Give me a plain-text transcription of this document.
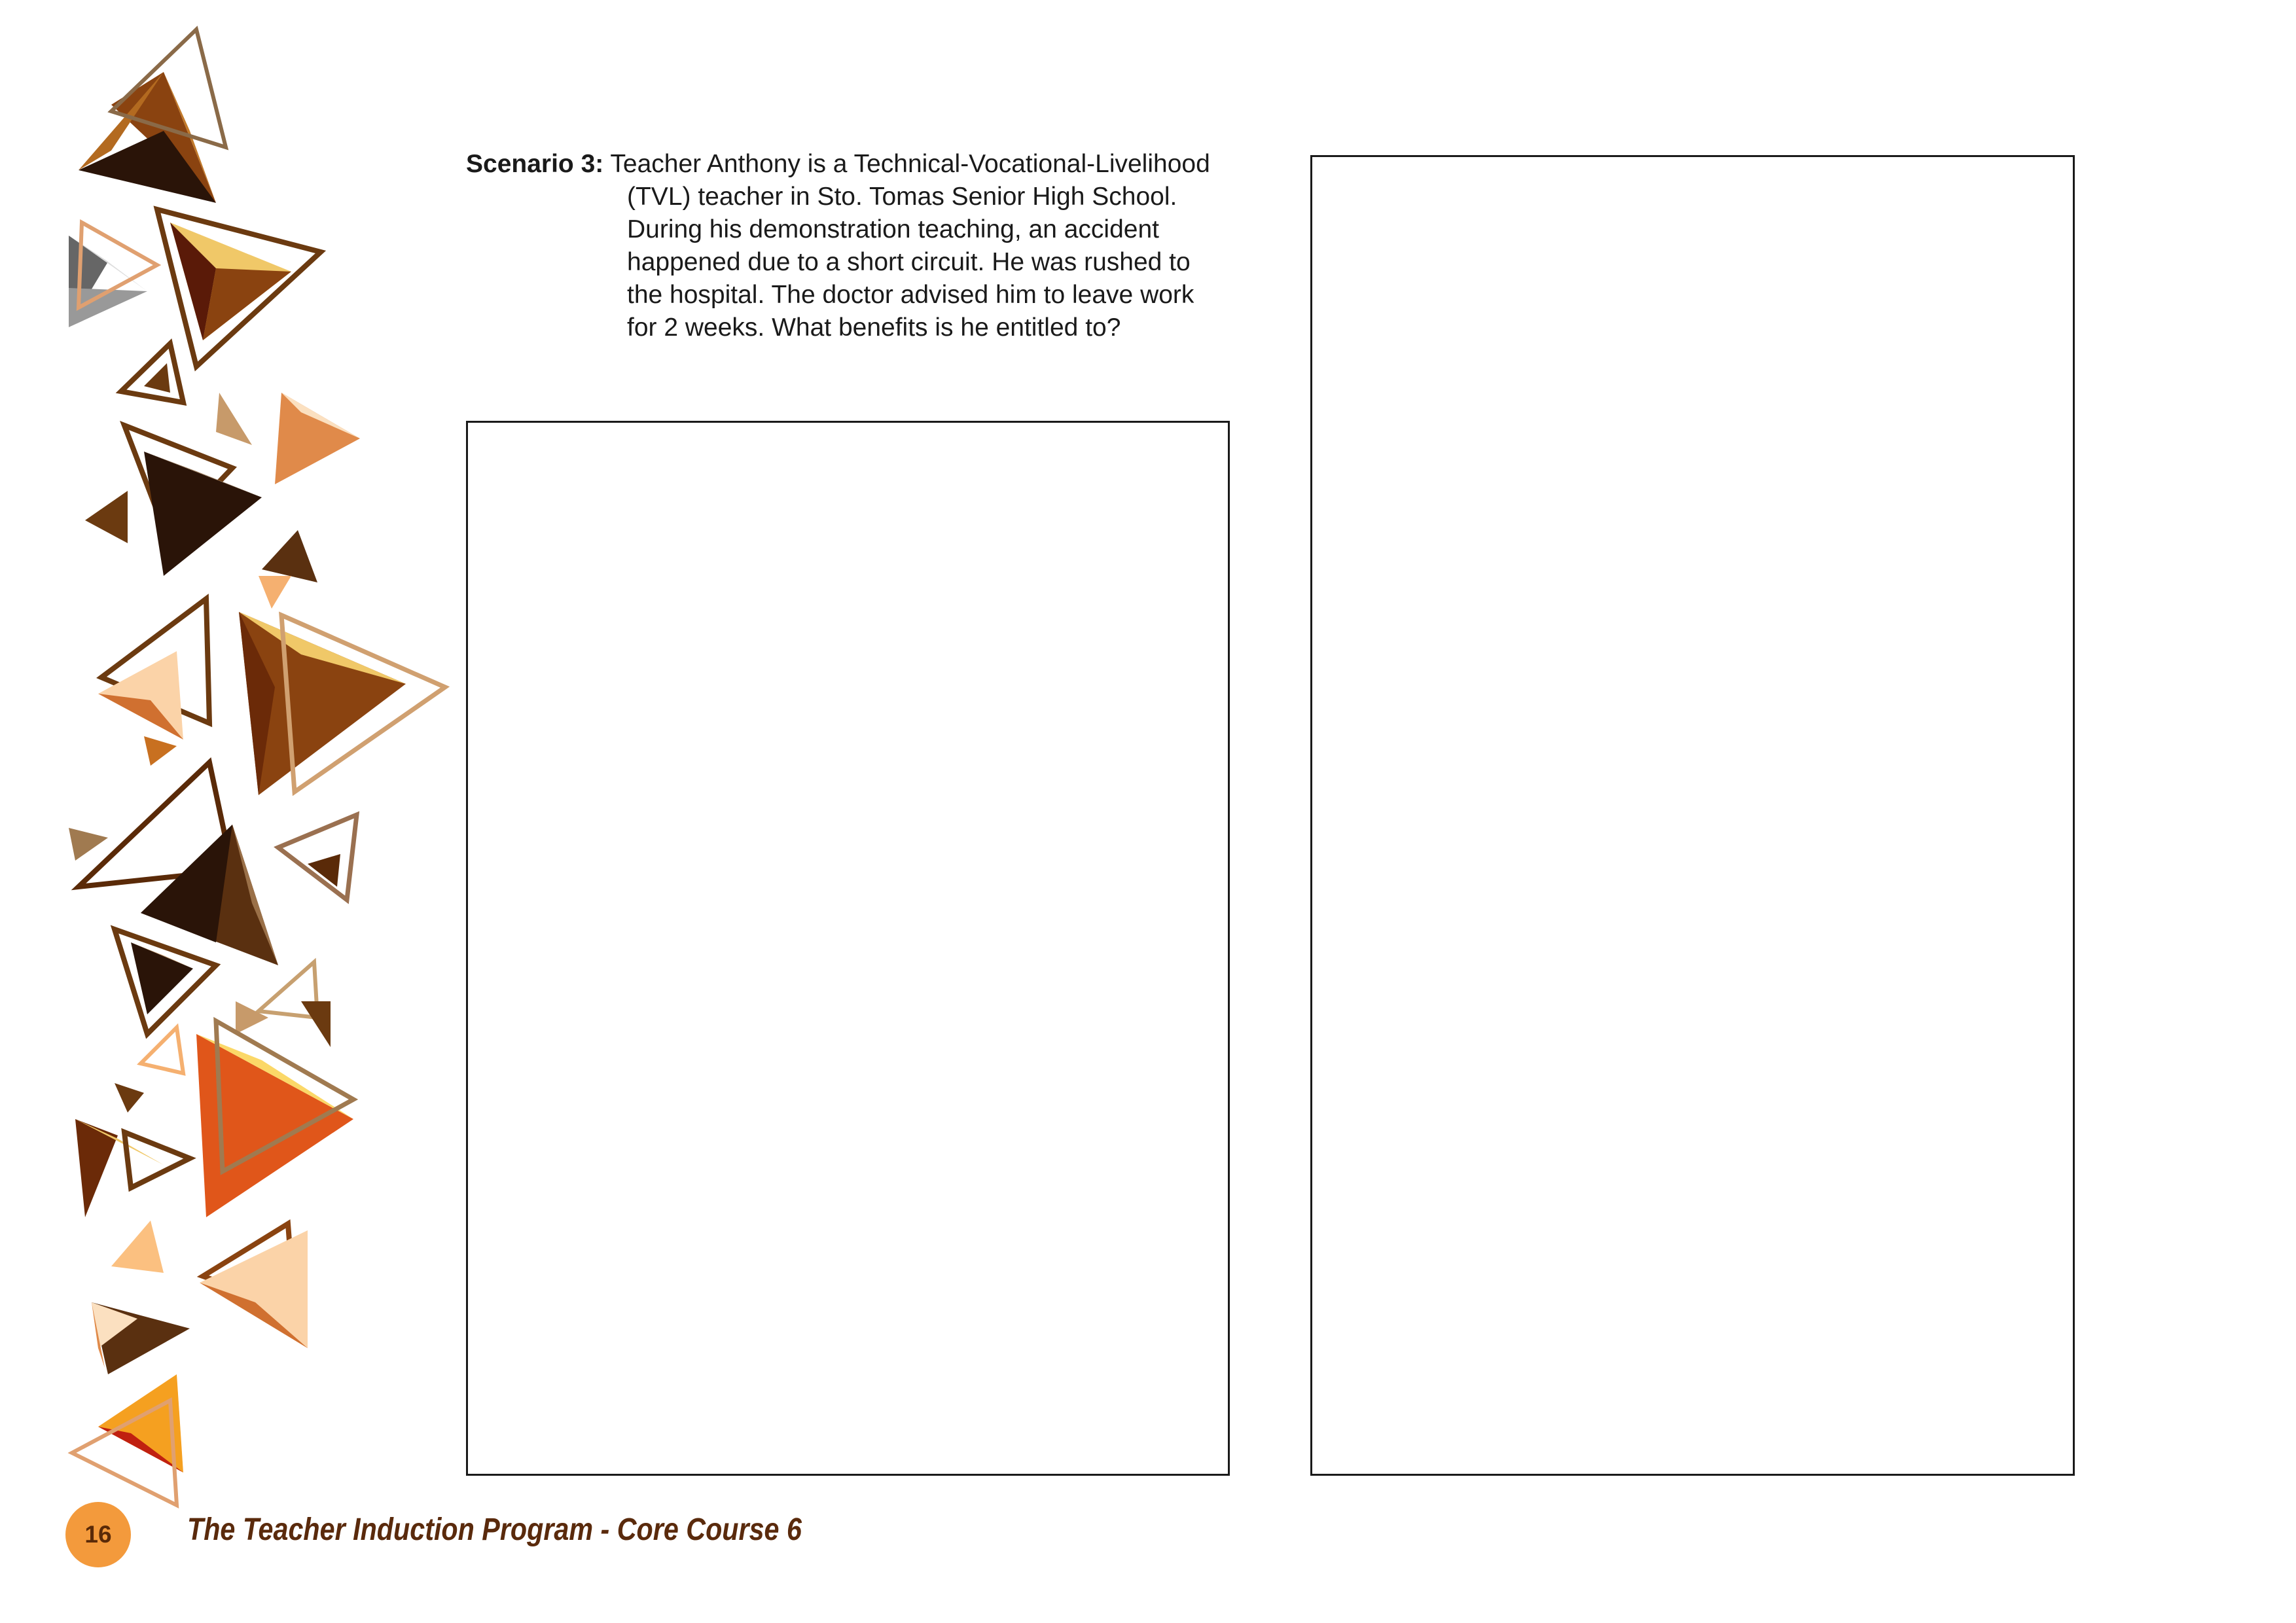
Scenario 3: Teacher Anthony is a Technical-Vocational-Livelihood
(TVL) teacher in Sto. Tomas Senior High School.
During his demonstration teaching, an accident
happened due to a short circuit. He was rushed to
the hospital. The doctor advised him to leave work
for 2 weeks. What benefits is he entitled to?
16 The Teacher Induction Program - Core Course 6
